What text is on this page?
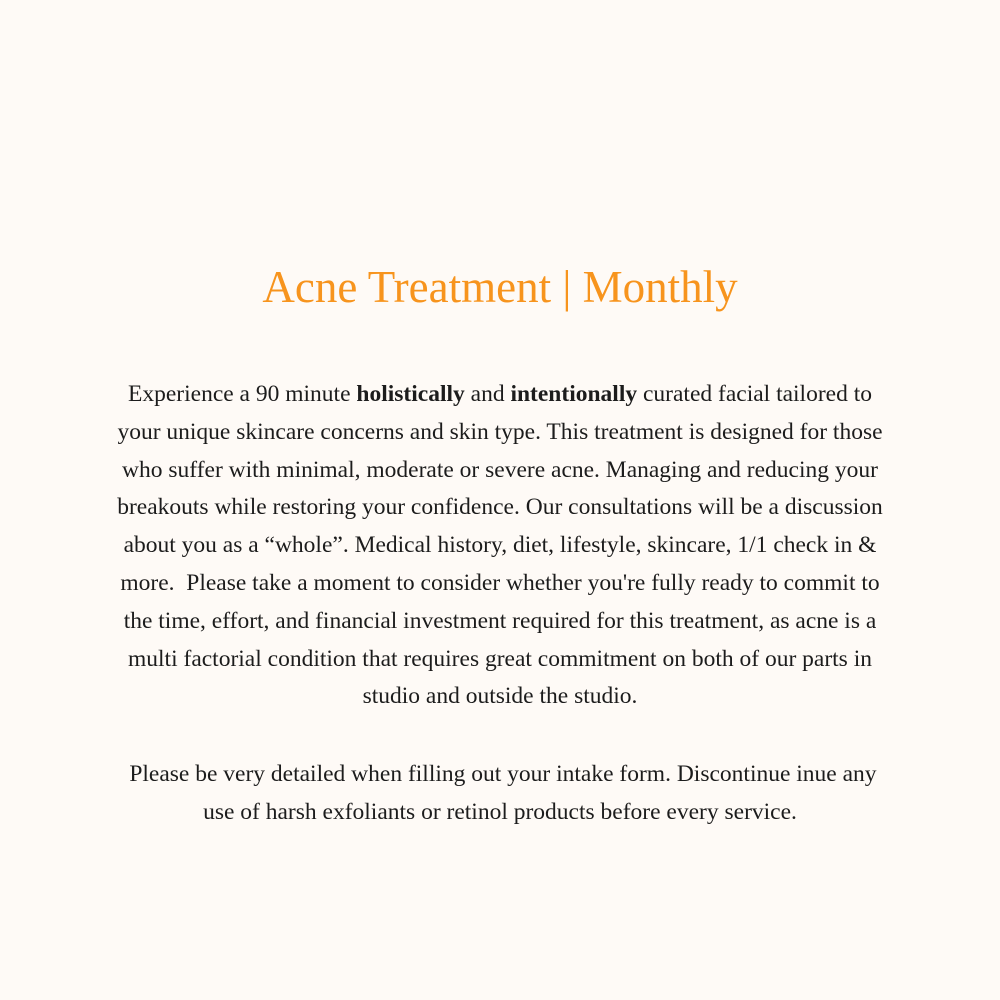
Acne Treatment | Monthly
Experience a 90 minute holistically and intentionally curated facial tailored to
your unique skincare concerns and skin type. This treatment is designed for those
who suffer with minimal, moderate or severe acne. Managing and reducing your
breakouts while restoring your confidence. Our consultations will be a discussion
about you as a “whole”. Medical history, diet, lifestyle, skincare, 1/1 check in &
more.  Please take a moment to consider whether you're fully ready to commit to
the time, effort, and financial investment required for this treatment, as acne is a
multi factorial condition that requires great commitment on both of our parts in
studio and outside the studio.
Please be very detailed when filling out your intake form. Discontinue inue any
use of harsh exfoliants or retinol products before every service.
